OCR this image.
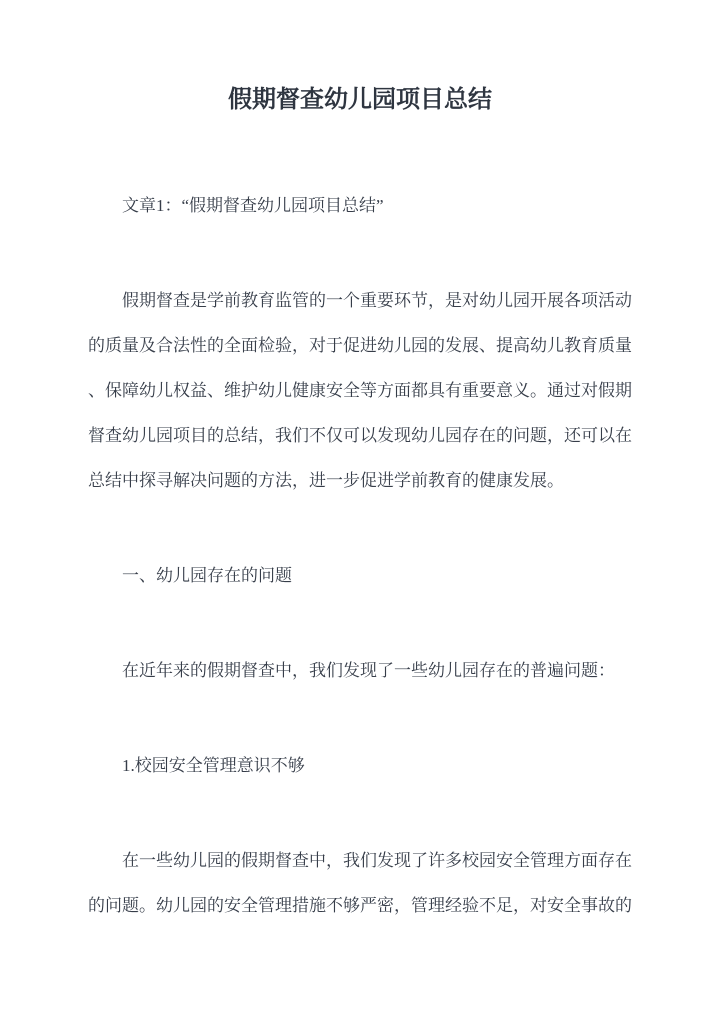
假期督查幼儿园项目总结

文章1：“假期督查幼儿园项目总结”

假期督查是学前教育监管的一个重要环节，是对幼儿园开展各项活动的质量及合法性的全面检验，对于促进幼儿园的发展、提高幼儿教育质量、保障幼儿权益、维护幼儿健康安全等方面都具有重要意义。通过对假期督查幼儿园项目的总结，我们不仅可以发现幼儿园存在的问题，还可以在总结中探寻解决问题的方法，进一步促进学前教育的健康发展。

一、幼儿园存在的问题

在近年来的假期督查中，我们发现了一些幼儿园存在的普遍问题：

1.校园安全管理意识不够

在一些幼儿园的假期督查中，我们发现了许多校园安全管理方面存在的问题。幼儿园的安全管理措施不够严密，管理经验不足，对安全事故的
